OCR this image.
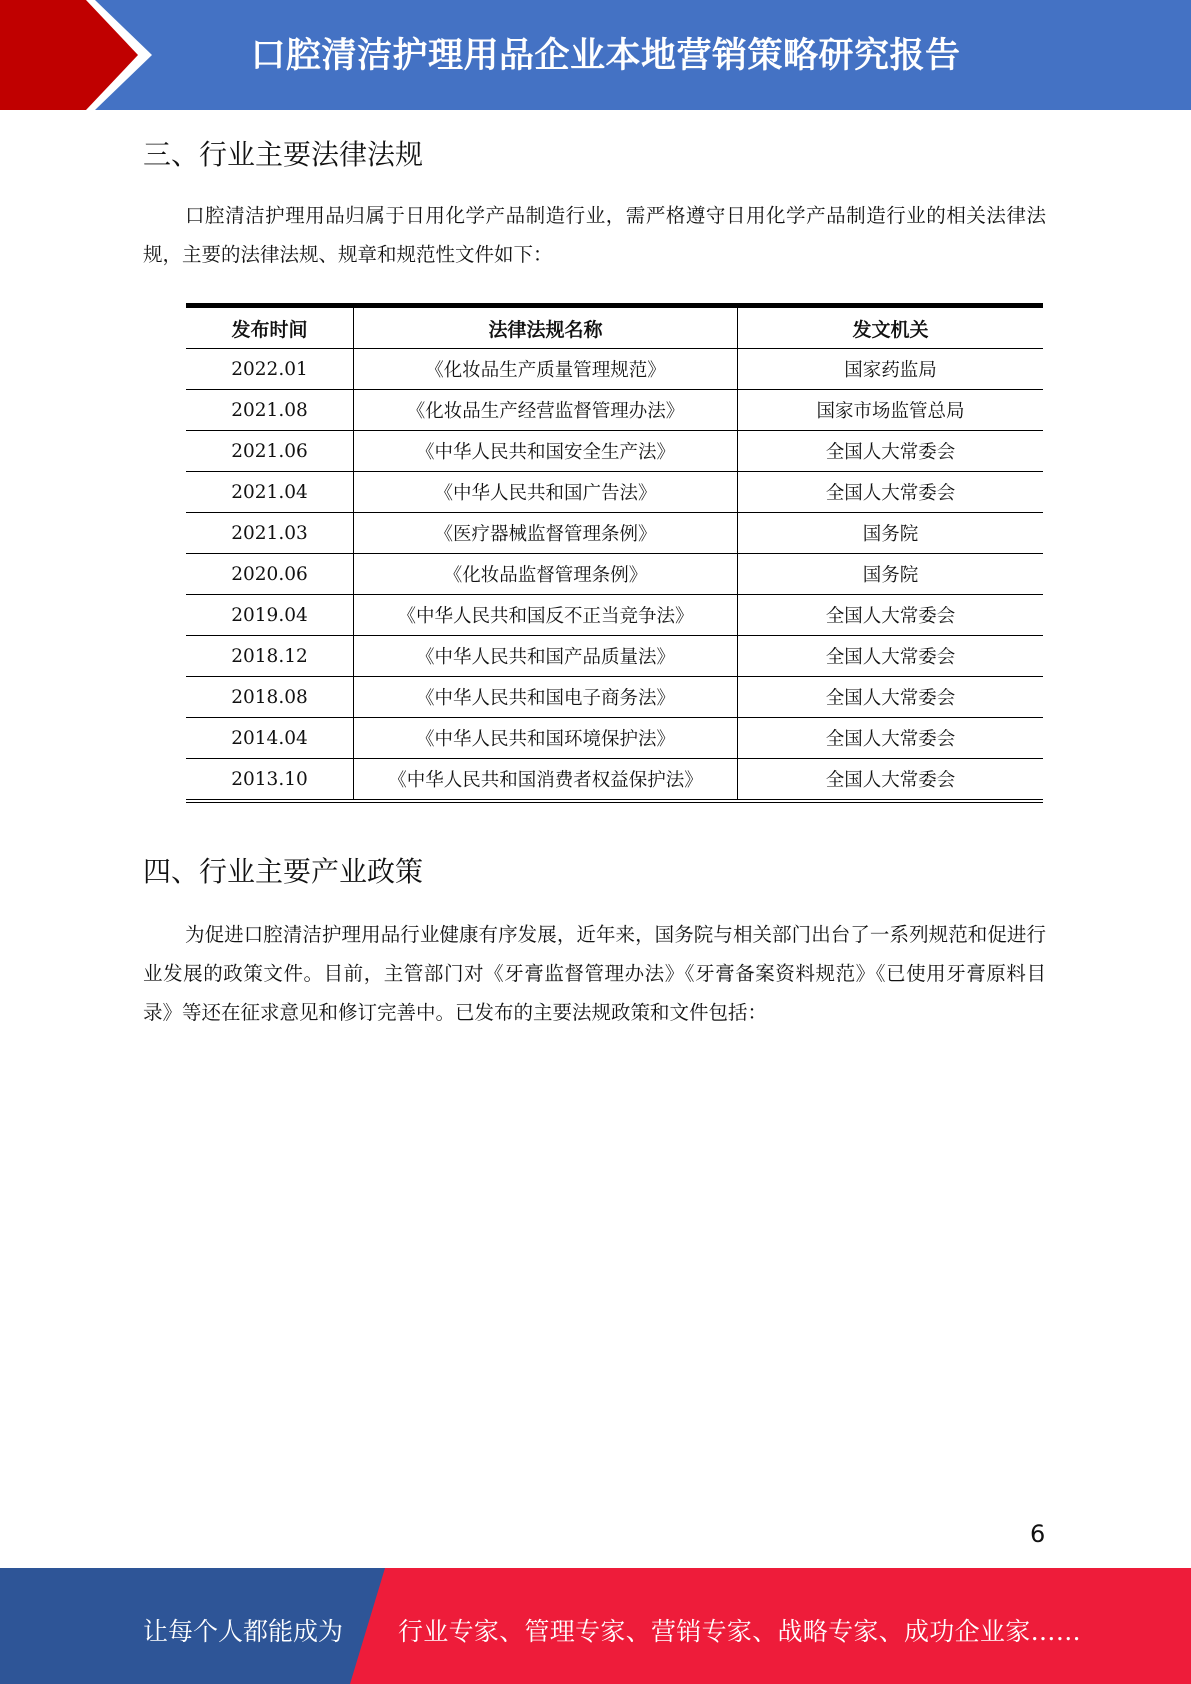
口腔清洁护理用品企业本地营销策略研究报告
三、行业主要法律法规

口腔清洁护理用品归属于日用化学产品制造行业，需严格遵守日用化学产品制造行业的相关法律法规，主要的法律法规、规章和规范性文件如下：

发布时间	法律法规名称	发文机关
2022.01	《化妆品生产质量管理规范》	国家药监局
2021.08	《化妆品生产经营监督管理办法》	国家市场监管总局
2021.06	《中华人民共和国安全生产法》	全国人大常委会
2021.04	《中华人民共和国广告法》	全国人大常委会
2021.03	《医疗器械监督管理条例》	国务院
2020.06	《化妆品监督管理条例》	国务院
2019.04	《中华人民共和国反不正当竞争法》	全国人大常委会
2018.12	《中华人民共和国产品质量法》	全国人大常委会
2018.08	《中华人民共和国电子商务法》	全国人大常委会
2014.04	《中华人民共和国环境保护法》	全国人大常委会
2013.10	《中华人民共和国消费者权益保护法》	全国人大常委会
四、行业主要产业政策

为促进口腔清洁护理用品行业健康有序发展，近年来，国务院与相关部门出台了一系列规范和促进行业发展的政策文件。目前，主管部门对《牙膏监督管理办法》《牙膏备案资料规范》《已使用牙膏原料目录》等还在征求意见和修订完善中。已发布的主要法规政策和文件包括：

6
让每个人都能成为 行业专家、管理专家、营销专家、战略专家、成功企业家……
